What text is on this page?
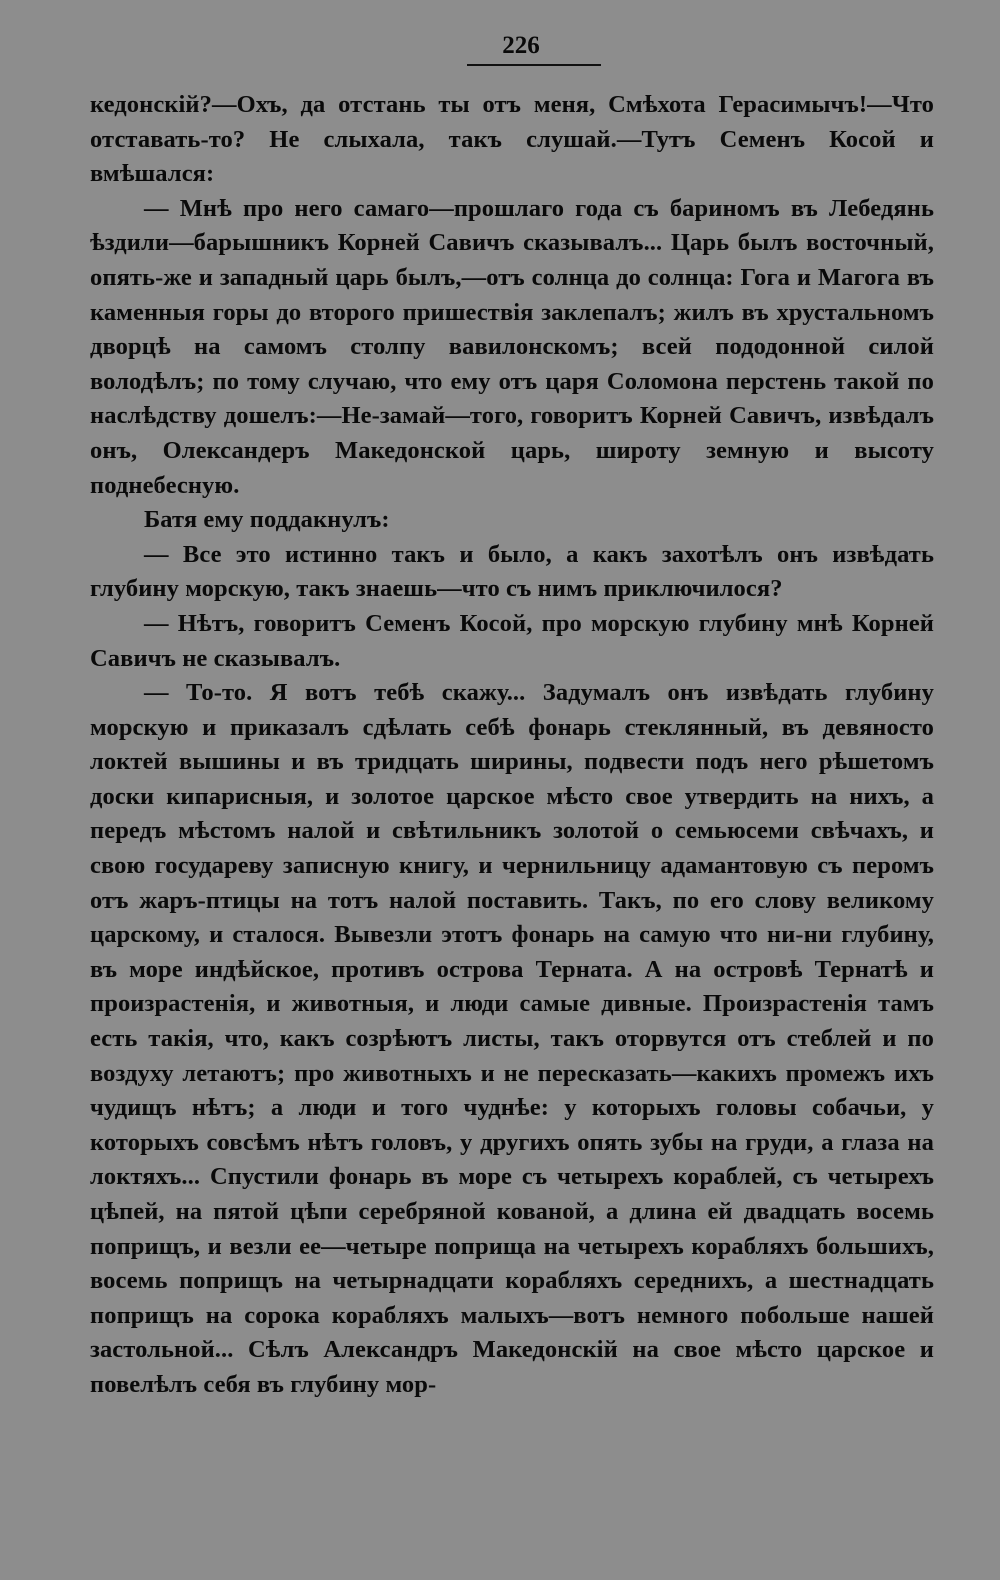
226

кедонскій?—Охъ, да отстань ты отъ меня, Смѣхота Герасимычъ!—Что отставать-то? Не слыхала, такъ слушай.—Тутъ Семенъ Косой и вмѣшался:

— Мнѣ про него самаго—прошлаго года съ бариномъ въ Лебедянь ѣздили—барышникъ Корней Савичъ сказывалъ... Царь былъ восточный, опять-же и западный царь былъ,—отъ солнца до солнца: Гога и Магога въ каменныя горы до второго пришествія заклепалъ; жилъ въ хрустальномъ дворцѣ на самомъ столпу вавилонскомъ; всей пододонной силой володѣлъ; по тому случаю, что ему отъ царя Соломона перстень такой по наслѣдству дошелъ:—Не-замай—того, говоритъ Корней Савичъ, извѣдалъ онъ, Олександеръ Македонской царь, широту земную и высоту поднебесную.

Батя ему поддакнулъ:

— Все это истинно такъ и было, а какъ захотѣлъ онъ извѣдать глубину морскую, такъ знаешь—что съ нимъ приключилося?

— Нѣтъ, говоритъ Семенъ Косой, про морскую глубину мнѣ Корней Савичъ не сказывалъ.

— То-то. Я вотъ тебѣ скажу... Задумалъ онъ извѣдать глубину морскую и приказалъ сдѣлать себѣ фонарь стеклянный, въ девяносто локтей вышины и въ тридцать ширины, подвести подъ него рѣшетомъ доски кипарисныя, и золотое царское мѣсто свое утвердить на нихъ, а передъ мѣстомъ налой и свѣтильникъ золотой о семьюсеми свѣчахъ, и свою государеву записную книгу, и чернильницу адамантовую съ перомъ отъ жаръ-птицы на тотъ налой поставить. Такъ, по его слову великому царскому, и сталося. Вывезли этотъ фонарь на самую что ни-ни глубину, въ море индѣйское, противъ острова Терната. А на островѣ Тернатѣ и произрастенія, и животныя, и люди самые дивные. Произрастенія тамъ есть такія, что, какъ созрѣютъ листы, такъ оторвутся отъ стеблей и по воздуху летаютъ; про животныхъ и не пересказать—какихъ промежъ ихъ чудищъ нѣтъ; а люди и того чуднѣе: у которыхъ головы собачьи, у которыхъ совсѣмъ нѣтъ головъ, у другихъ опять зубы на груди, а глаза на локтяхъ... Спустили фонарь въ море съ четырехъ кораблей, съ четырехъ цѣпей, на пятой цѣпи серебряной кованой, а длина ей двадцать восемь поприщъ, и везли ее—четыре поприща на четырехъ корабляхъ большихъ, восемь поприщъ на четырнадцати корабляхъ середнихъ, а шестнадцать поприщъ на сорока корабляхъ малыхъ—вотъ немного побольше нашей застольной... Сѣлъ Александръ Македонскій на свое мѣсто царское и повелѣлъ себя въ глубину мор-
